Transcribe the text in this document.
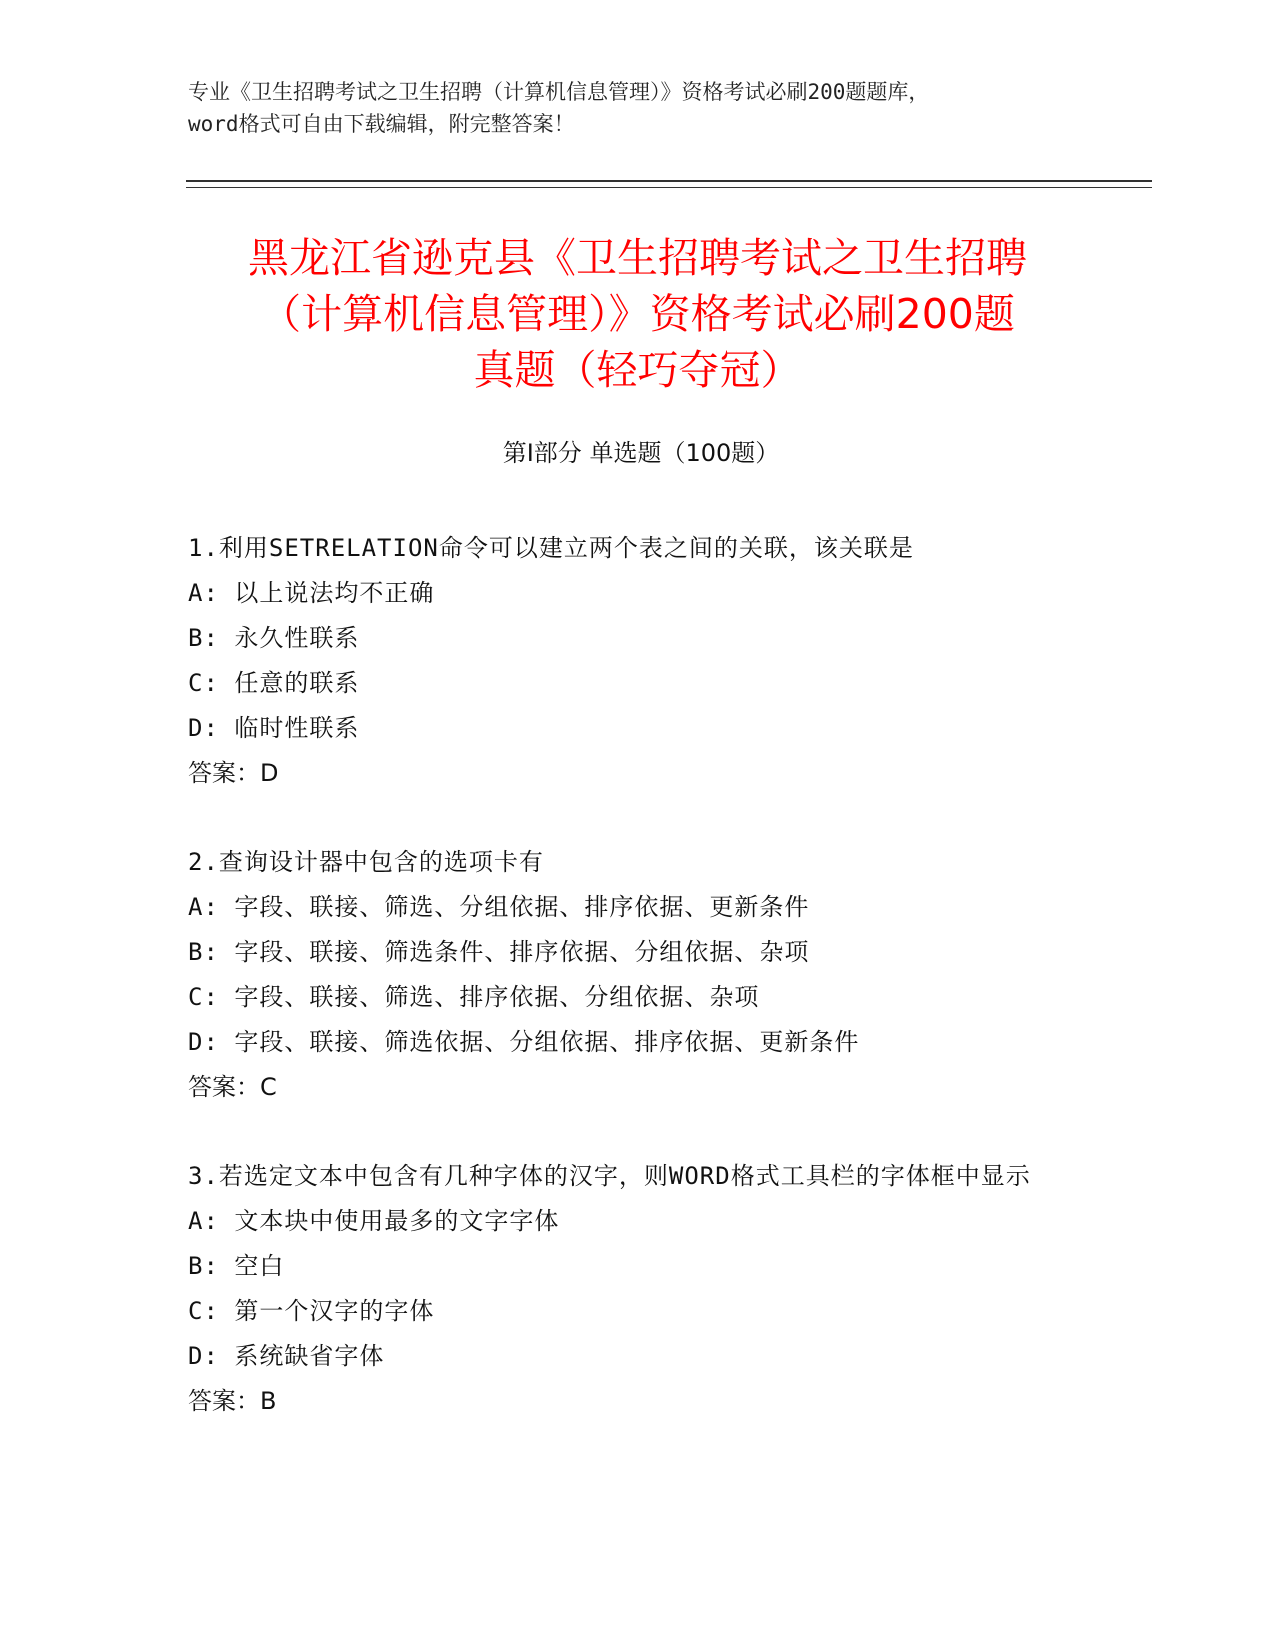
专业《卫生招聘考试之卫生招聘（计算机信息管理）》资格考试必刷200题题库，
word格式可自由下载编辑，附完整答案！
黑龙江省逊克县《卫生招聘考试之卫生招聘
（计算机信息管理）》资格考试必刷200题
真题（轻巧夺冠）
第Ⅰ部分 单选题（100题）
1.利用SETRELATION命令可以建立两个表之间的关联，该关联是
A: 以上说法均不正确
B: 永久性联系
C: 任意的联系
D: 临时性联系
答案：D
2.查询设计器中包含的选项卡有
A: 字段、联接、筛选、分组依据、排序依据、更新条件
B: 字段、联接、筛选条件、排序依据、分组依据、杂项
C: 字段、联接、筛选、排序依据、分组依据、杂项
D: 字段、联接、筛选依据、分组依据、排序依据、更新条件
答案：C
3.若选定文本中包含有几种字体的汉字，则WORD格式工具栏的字体框中显示
A: 文本块中使用最多的文字字体
B: 空白
C: 第一个汉字的字体
D: 系统缺省字体
答案：B
